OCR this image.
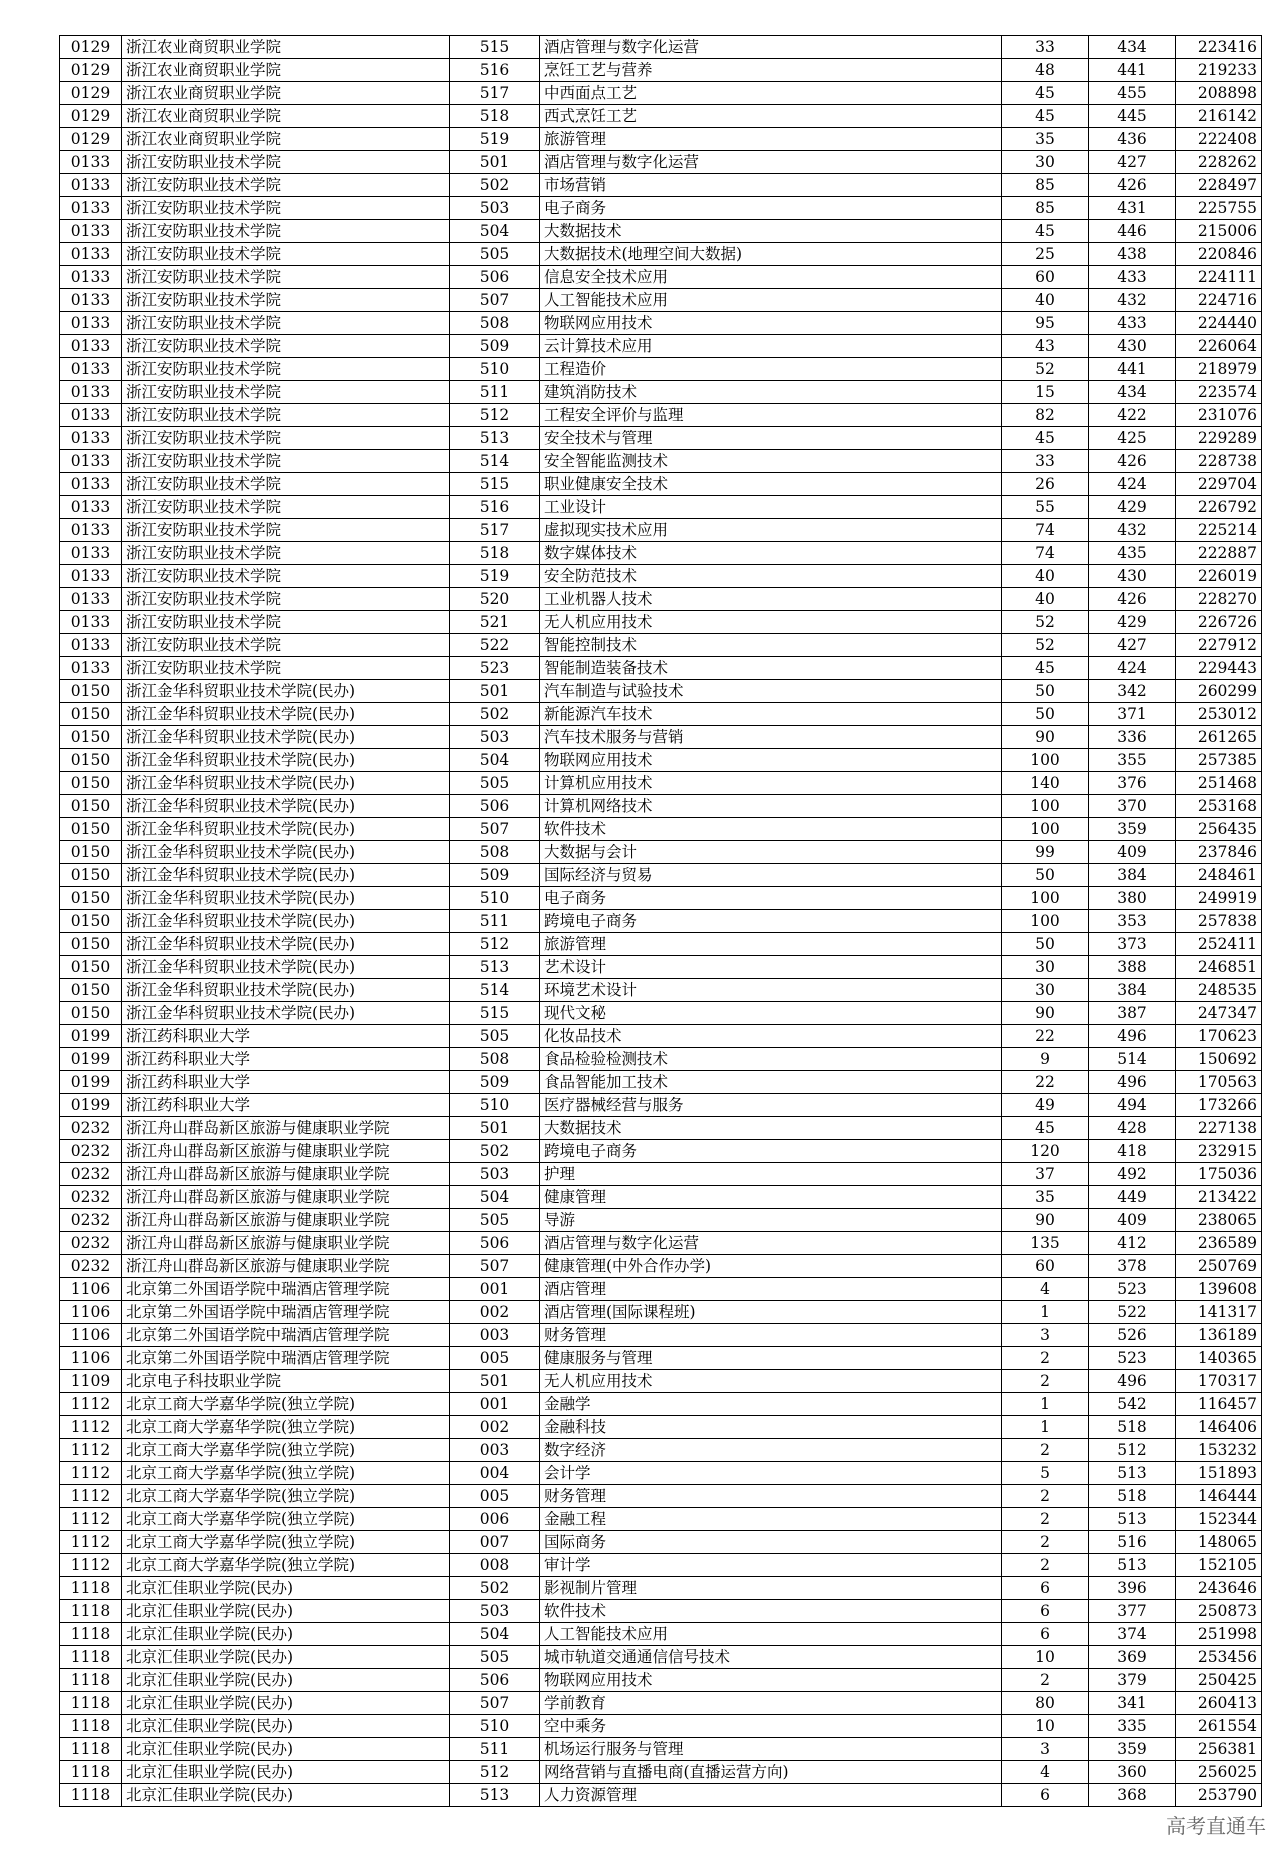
0129	浙江农业商贸职业学院	515	酒店管理与数字化运营	33	434	223416
0129	浙江农业商贸职业学院	516	烹饪工艺与营养	48	441	219233
0129	浙江农业商贸职业学院	517	中西面点工艺	45	455	208898
0129	浙江农业商贸职业学院	518	西式烹饪工艺	45	445	216142
0129	浙江农业商贸职业学院	519	旅游管理	35	436	222408
0133	浙江安防职业技术学院	501	酒店管理与数字化运营	30	427	228262
0133	浙江安防职业技术学院	502	市场营销	85	426	228497
0133	浙江安防职业技术学院	503	电子商务	85	431	225755
0133	浙江安防职业技术学院	504	大数据技术	45	446	215006
0133	浙江安防职业技术学院	505	大数据技术(地理空间大数据)	25	438	220846
0133	浙江安防职业技术学院	506	信息安全技术应用	60	433	224111
0133	浙江安防职业技术学院	507	人工智能技术应用	40	432	224716
0133	浙江安防职业技术学院	508	物联网应用技术	95	433	224440
0133	浙江安防职业技术学院	509	云计算技术应用	43	430	226064
0133	浙江安防职业技术学院	510	工程造价	52	441	218979
0133	浙江安防职业技术学院	511	建筑消防技术	15	434	223574
0133	浙江安防职业技术学院	512	工程安全评价与监理	82	422	231076
0133	浙江安防职业技术学院	513	安全技术与管理	45	425	229289
0133	浙江安防职业技术学院	514	安全智能监测技术	33	426	228738
0133	浙江安防职业技术学院	515	职业健康安全技术	26	424	229704
0133	浙江安防职业技术学院	516	工业设计	55	429	226792
0133	浙江安防职业技术学院	517	虚拟现实技术应用	74	432	225214
0133	浙江安防职业技术学院	518	数字媒体技术	74	435	222887
0133	浙江安防职业技术学院	519	安全防范技术	40	430	226019
0133	浙江安防职业技术学院	520	工业机器人技术	40	426	228270
0133	浙江安防职业技术学院	521	无人机应用技术	52	429	226726
0133	浙江安防职业技术学院	522	智能控制技术	52	427	227912
0133	浙江安防职业技术学院	523	智能制造装备技术	45	424	229443
0150	浙江金华科贸职业技术学院(民办)	501	汽车制造与试验技术	50	342	260299
0150	浙江金华科贸职业技术学院(民办)	502	新能源汽车技术	50	371	253012
0150	浙江金华科贸职业技术学院(民办)	503	汽车技术服务与营销	90	336	261265
0150	浙江金华科贸职业技术学院(民办)	504	物联网应用技术	100	355	257385
0150	浙江金华科贸职业技术学院(民办)	505	计算机应用技术	140	376	251468
0150	浙江金华科贸职业技术学院(民办)	506	计算机网络技术	100	370	253168
0150	浙江金华科贸职业技术学院(民办)	507	软件技术	100	359	256435
0150	浙江金华科贸职业技术学院(民办)	508	大数据与会计	99	409	237846
0150	浙江金华科贸职业技术学院(民办)	509	国际经济与贸易	50	384	248461
0150	浙江金华科贸职业技术学院(民办)	510	电子商务	100	380	249919
0150	浙江金华科贸职业技术学院(民办)	511	跨境电子商务	100	353	257838
0150	浙江金华科贸职业技术学院(民办)	512	旅游管理	50	373	252411
0150	浙江金华科贸职业技术学院(民办)	513	艺术设计	30	388	246851
0150	浙江金华科贸职业技术学院(民办)	514	环境艺术设计	30	384	248535
0150	浙江金华科贸职业技术学院(民办)	515	现代文秘	90	387	247347
0199	浙江药科职业大学	505	化妆品技术	22	496	170623
0199	浙江药科职业大学	508	食品检验检测技术	9	514	150692
0199	浙江药科职业大学	509	食品智能加工技术	22	496	170563
0199	浙江药科职业大学	510	医疗器械经营与服务	49	494	173266
0232	浙江舟山群岛新区旅游与健康职业学院	501	大数据技术	45	428	227138
0232	浙江舟山群岛新区旅游与健康职业学院	502	跨境电子商务	120	418	232915
0232	浙江舟山群岛新区旅游与健康职业学院	503	护理	37	492	175036
0232	浙江舟山群岛新区旅游与健康职业学院	504	健康管理	35	449	213422
0232	浙江舟山群岛新区旅游与健康职业学院	505	导游	90	409	238065
0232	浙江舟山群岛新区旅游与健康职业学院	506	酒店管理与数字化运营	135	412	236589
0232	浙江舟山群岛新区旅游与健康职业学院	507	健康管理(中外合作办学)	60	378	250769
1106	北京第二外国语学院中瑞酒店管理学院	001	酒店管理	4	523	139608
1106	北京第二外国语学院中瑞酒店管理学院	002	酒店管理(国际课程班)	1	522	141317
1106	北京第二外国语学院中瑞酒店管理学院	003	财务管理	3	526	136189
1106	北京第二外国语学院中瑞酒店管理学院	005	健康服务与管理	2	523	140365
1109	北京电子科技职业学院	501	无人机应用技术	2	496	170317
1112	北京工商大学嘉华学院(独立学院)	001	金融学	1	542	116457
1112	北京工商大学嘉华学院(独立学院)	002	金融科技	1	518	146406
1112	北京工商大学嘉华学院(独立学院)	003	数字经济	2	512	153232
1112	北京工商大学嘉华学院(独立学院)	004	会计学	5	513	151893
1112	北京工商大学嘉华学院(独立学院)	005	财务管理	2	518	146444
1112	北京工商大学嘉华学院(独立学院)	006	金融工程	2	513	152344
1112	北京工商大学嘉华学院(独立学院)	007	国际商务	2	516	148065
1112	北京工商大学嘉华学院(独立学院)	008	审计学	2	513	152105
1118	北京汇佳职业学院(民办)	502	影视制片管理	6	396	243646
1118	北京汇佳职业学院(民办)	503	软件技术	6	377	250873
1118	北京汇佳职业学院(民办)	504	人工智能技术应用	6	374	251998
1118	北京汇佳职业学院(民办)	505	城市轨道交通通信信号技术	10	369	253456
1118	北京汇佳职业学院(民办)	506	物联网应用技术	2	379	250425
1118	北京汇佳职业学院(民办)	507	学前教育	80	341	260413
1118	北京汇佳职业学院(民办)	510	空中乘务	10	335	261554
1118	北京汇佳职业学院(民办)	511	机场运行服务与管理	3	359	256381
1118	北京汇佳职业学院(民办)	512	网络营销与直播电商(直播运营方向)	4	360	256025
1118	北京汇佳职业学院(民办)	513	人力资源管理	6	368	253790
高考直通车
